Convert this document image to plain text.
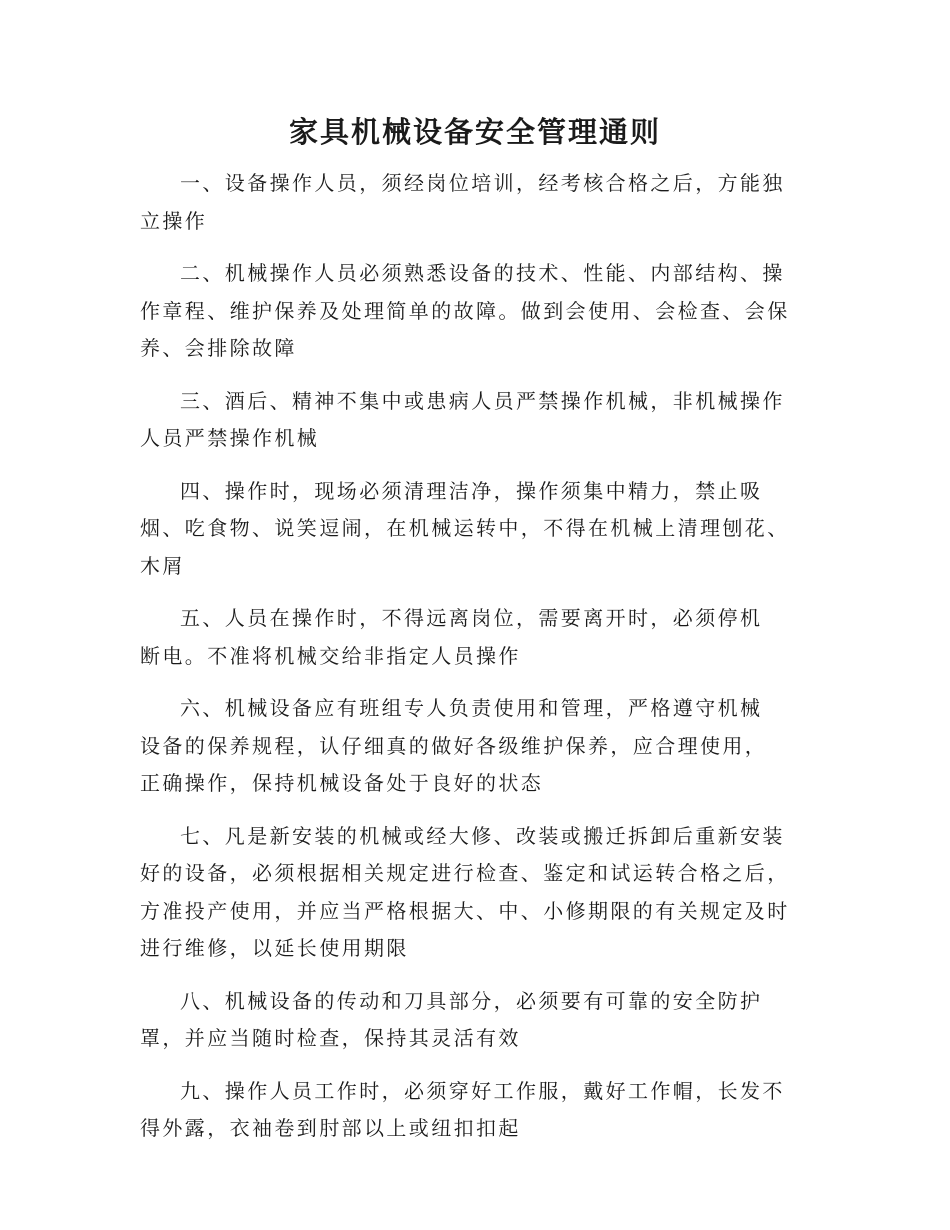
家具机械设备安全管理通则

一、设备操作人员，须经岗位培训，经考核合格之后，方能独立操作

二、机械操作人员必须熟悉设备的技术、性能、内部结构、操作章程、维护保养及处理简单的故障。做到会使用、会检查、会保养、会排除故障

三、酒后、精神不集中或患病人员严禁操作机械，非机械操作人员严禁操作机械

四、操作时，现场必须清理洁净，操作须集中精力，禁止吸烟、吃食物、说笑逗闹，在机械运转中，不得在机械上清理刨花、木屑

五、人员在操作时，不得远离岗位，需要离开时，必须停机断电。不准将机械交给非指定人员操作

六、机械设备应有班组专人负责使用和管理，严格遵守机械设备的保养规程，认仔细真的做好各级维护保养，应合理使用，正确操作，保持机械设备处于良好的状态

七、凡是新安装的机械或经大修、改装或搬迁拆卸后重新安装好的设备，必须根据相关规定进行检查、鉴定和试运转合格之后，方准投产使用，并应当严格根据大、中、小修期限的有关规定及时进行维修，以延长使用期限

八、机械设备的传动和刀具部分，必须要有可靠的安全防护罩，并应当随时检查，保持其灵活有效

九、操作人员工作时，必须穿好工作服，戴好工作帽，长发不得外露，衣袖卷到肘部以上或纽扣扣起
